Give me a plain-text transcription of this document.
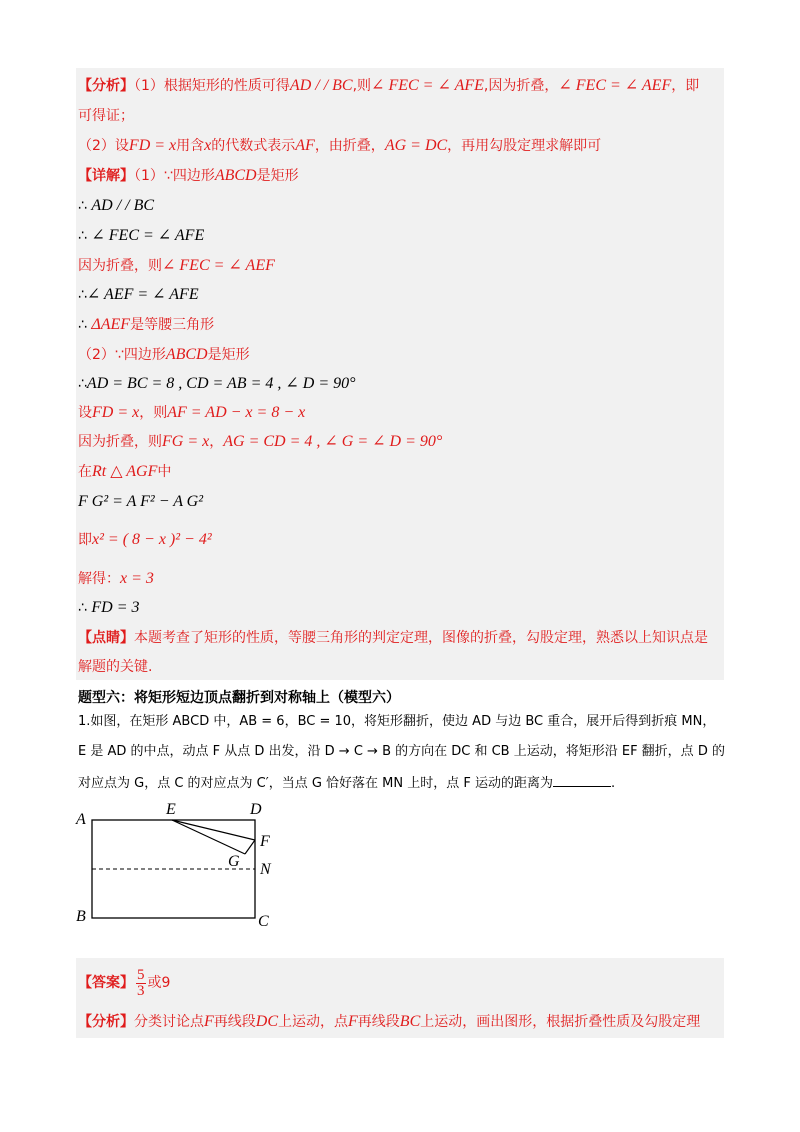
【分析】（1）根据矩形的性质可得AD / / BC,则∠ FEC = ∠ AFE,因为折叠，∠ FEC = ∠ AEF，即
可得证；
（2）设FD = x用含x的代数式表示AF，由折叠，AG = DC，再用勾股定理求解即可
【详解】（1）∵四边形ABCD是矩形
∴ AD / / BC
∴ ∠ FEC = ∠ AFE
因为折叠，则∠ FEC = ∠ AEF
∴∠ AEF = ∠ AFE
∴ ΔAEF是等腰三角形
（2）∵四边形ABCD是矩形
∴AD = BC = 8 , CD = AB = 4 , ∠ D = 90°
设FD = x，则AF = AD − x = 8 − x
因为折叠，则FG = x，AG = CD = 4 , ∠ G = ∠ D = 90°
在Rt △ AGF中
F G² = A F² − A G²
即x² = ( 8 − x )² − 4²
解得：x = 3
∴ FD = 3
【点睛】本题考查了矩形的性质，等腰三角形的判定定理，图像的折叠，勾股定理，熟悉以上知识点是
解题的关键.
题型六：将矩形短边顶点翻折到对称轴上（模型六）
1.如图，在矩形 ABCD 中，AB = 6，BC = 10，将矩形翻折，使边 AD 与边 BC 重合，展开后得到折痕 MN，
E 是 AD 的中点，动点 F 从点 D 出发，沿 D → C → B 的方向在 DC 和 CB 上运动，将矩形沿 EF 翻折，点 D 的
对应点为 G，点 C 的对应点为 C′，当点 G 恰好落在 MN 上时，点 F 运动的距离为	.
A
E	D
F
G N
B	C
【答案】 $\frac{5}{3}$ 或9
【分析】分类讨论点F再线段DC上运动，点F再线段BC上运动，画出图形，根据折叠性质及勾股定理
